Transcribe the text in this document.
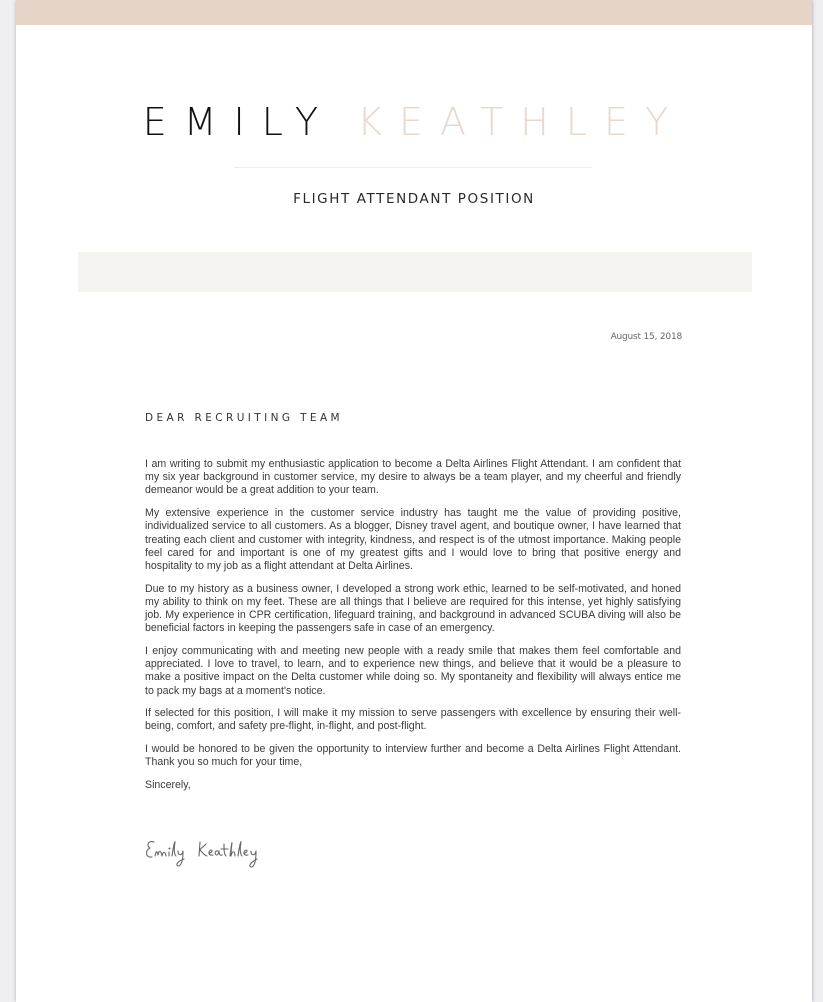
EMILY KEATHLEY
FLIGHT ATTENDANT POSITION
August 15, 2018
DEAR RECRUITING TEAM

I am writing to submit my enthusiastic application to become a Delta Airlines Flight Attendant. I am confident that my six year background in customer service, my desire to always be a team player, and my cheerful and friendly demeanor would be a great addition to your team.

My extensive experience in the customer service industry has taught me the value of providing positive, individualized service to all customers. As a blogger, Disney travel agent, and boutique owner, I have learned that treating each client and customer with integrity, kindness, and respect is of the utmost importance. Making people feel cared for and important is one of my greatest gifts and I would love to bring that positive energy and hospitality to my job as a flight attendant at Delta Airlines.

Due to my history as a business owner, I developed a strong work ethic, learned to be self-motivated, and honed my ability to think on my feet. These are all things that I believe are required for this intense, yet highly satisfying job. My experience in CPR certification, lifeguard training, and background in advanced SCUBA diving will also be beneficial factors in keeping the passengers safe in case of an emergency.

I enjoy communicating with and meeting new people with a ready smile that makes them feel comfortable and appreciated. I love to travel, to learn, and to experience new things, and believe that it would be a pleasure to make a positive impact on the Delta customer while doing so. My spontaneity and flexibility will always entice me to pack my bags at a moment's notice.

If selected for this position, I will make it my mission to serve passengers with excellence by ensuring their well-being, comfort, and safety pre-flight, in-flight, and post-flight.

I would be honored to be given the opportunity to interview further and become a Delta Airlines Flight Attendant. Thank you so much for your time,

Sincerely,
